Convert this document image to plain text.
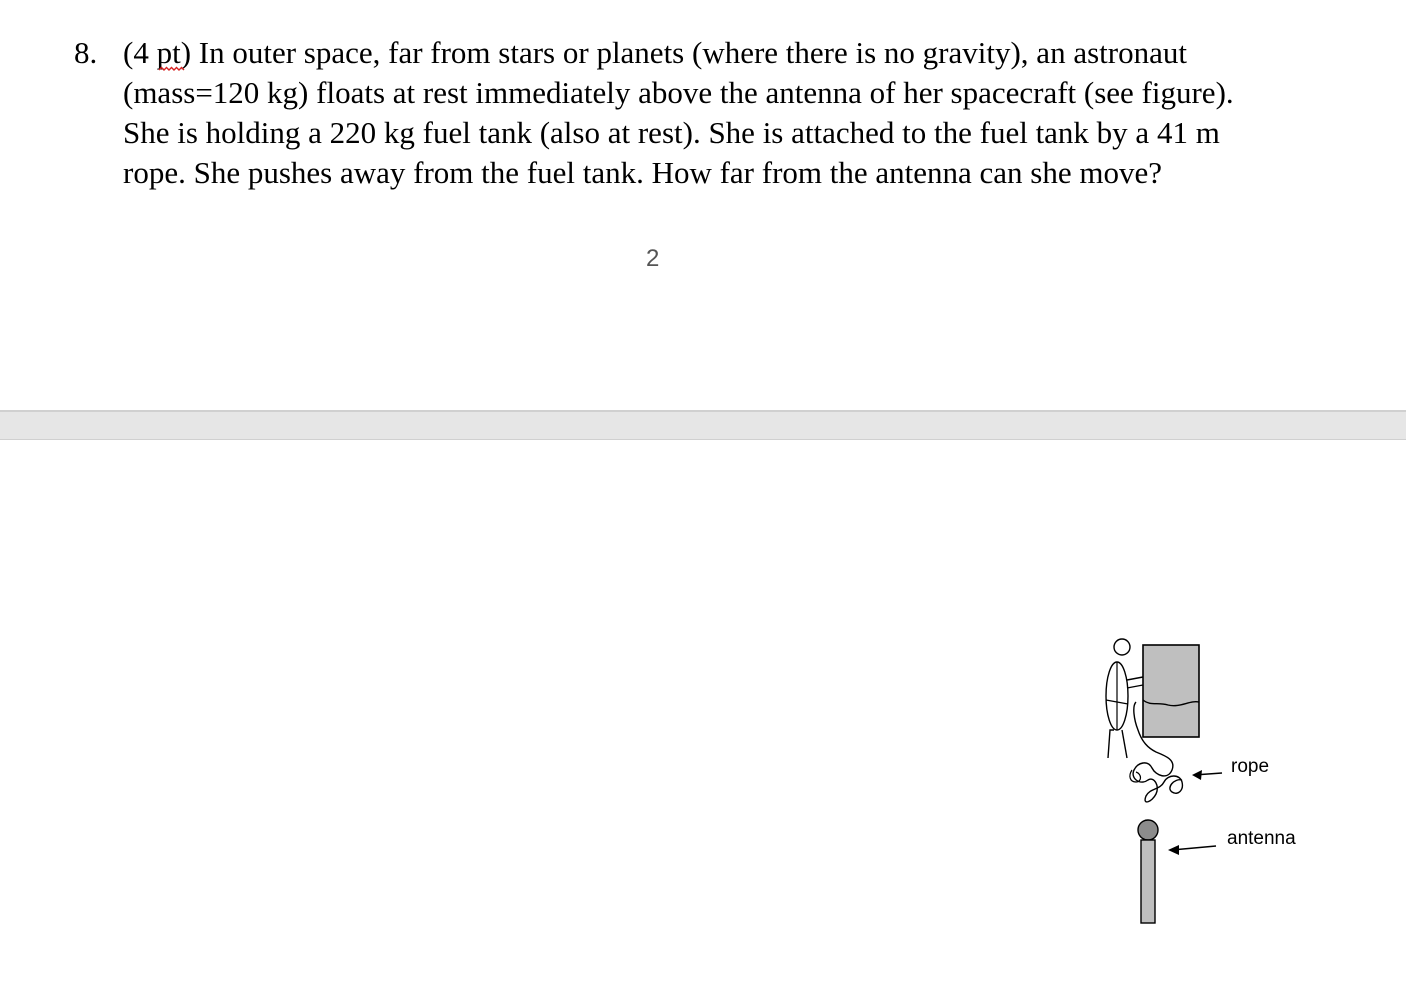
8. (4 pt)
In outer space, far from stars or planets (where there is no gravity), an astronaut
(mass=120 kg) floats at rest immediately above the antenna of her spacecraft (see figure).
She is holding a 220 kg fuel tank (also at rest). She is attached to the fuel tank by a 41 m
rope. She pushes away from the fuel tank. How far from the antenna can she move?
2
rope
antenna
